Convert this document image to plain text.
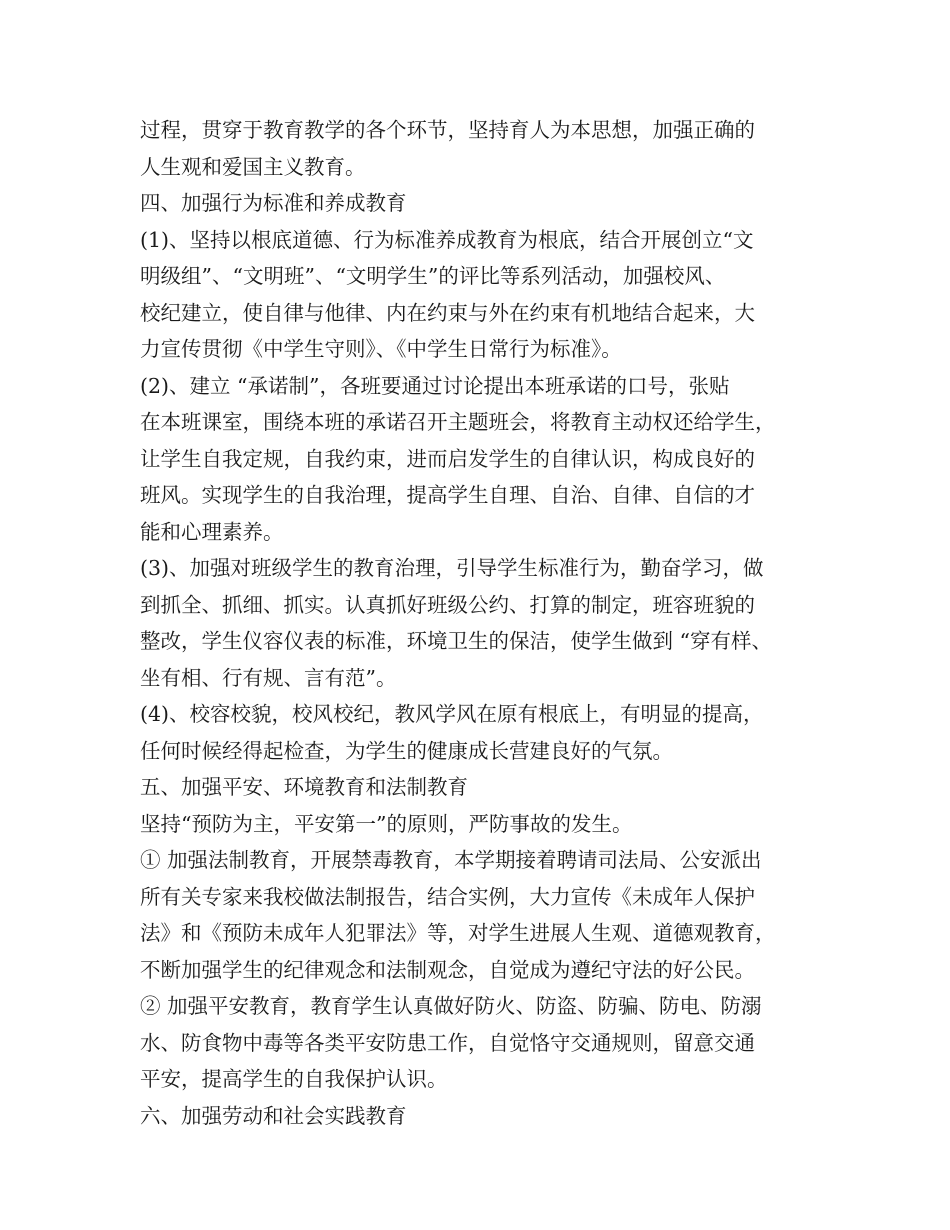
过程，贯穿于教育教学的各个环节，坚持育人为本思想，加强正确的
人生观和爱国主义教育。
四、加强行为标准和养成教育
(1)、坚持以根底道德、行为标准养成教育为根底，结合开展创立“文
明级组”、“文明班”、“文明学生”的评比等系列活动，加强校风、
校纪建立，使自律与他律、内在约束与外在约束有机地结合起来，大
力宣传贯彻《中学生守则》、《中学生日常行为标准》。
(2)、建立 “承诺制”，各班要通过讨论提出本班承诺的口号，张贴
在本班课室，围绕本班的承诺召开主题班会，将教育主动权还给学生，
让学生自我定规，自我约束，进而启发学生的自律认识，构成良好的
班风。实现学生的自我治理，提高学生自理、自治、自律、自信的才
能和心理素养。
(3)、加强对班级学生的教育治理，引导学生标准行为，勤奋学习，做
到抓全、抓细、抓实。认真抓好班级公约、打算的制定，班容班貌的
整改，学生仪容仪表的标准，环境卫生的保洁，使学生做到 “穿有样、
坐有相、行有规、言有范”。
(4)、校容校貌，校风校纪，教风学风在原有根底上，有明显的提高，
任何时候经得起检查，为学生的健康成长营建良好的气氛。
五、加强平安、环境教育和法制教育
坚持“预防为主，平安第一”的原则，严防事故的发生。
① 加强法制教育，开展禁毒教育，本学期接着聘请司法局、公安派出
所有关专家来我校做法制报告，结合实例，大力宣传《未成年人保护
法》和《预防未成年人犯罪法》等，对学生进展人生观、道德观教育，
不断加强学生的纪律观念和法制观念，自觉成为遵纪守法的好公民。
② 加强平安教育，教育学生认真做好防火、防盗、防骗、防电、防溺
水、防食物中毒等各类平安防患工作，自觉恪守交通规则，留意交通
平安，提高学生的自我保护认识。
六、加强劳动和社会实践教育
